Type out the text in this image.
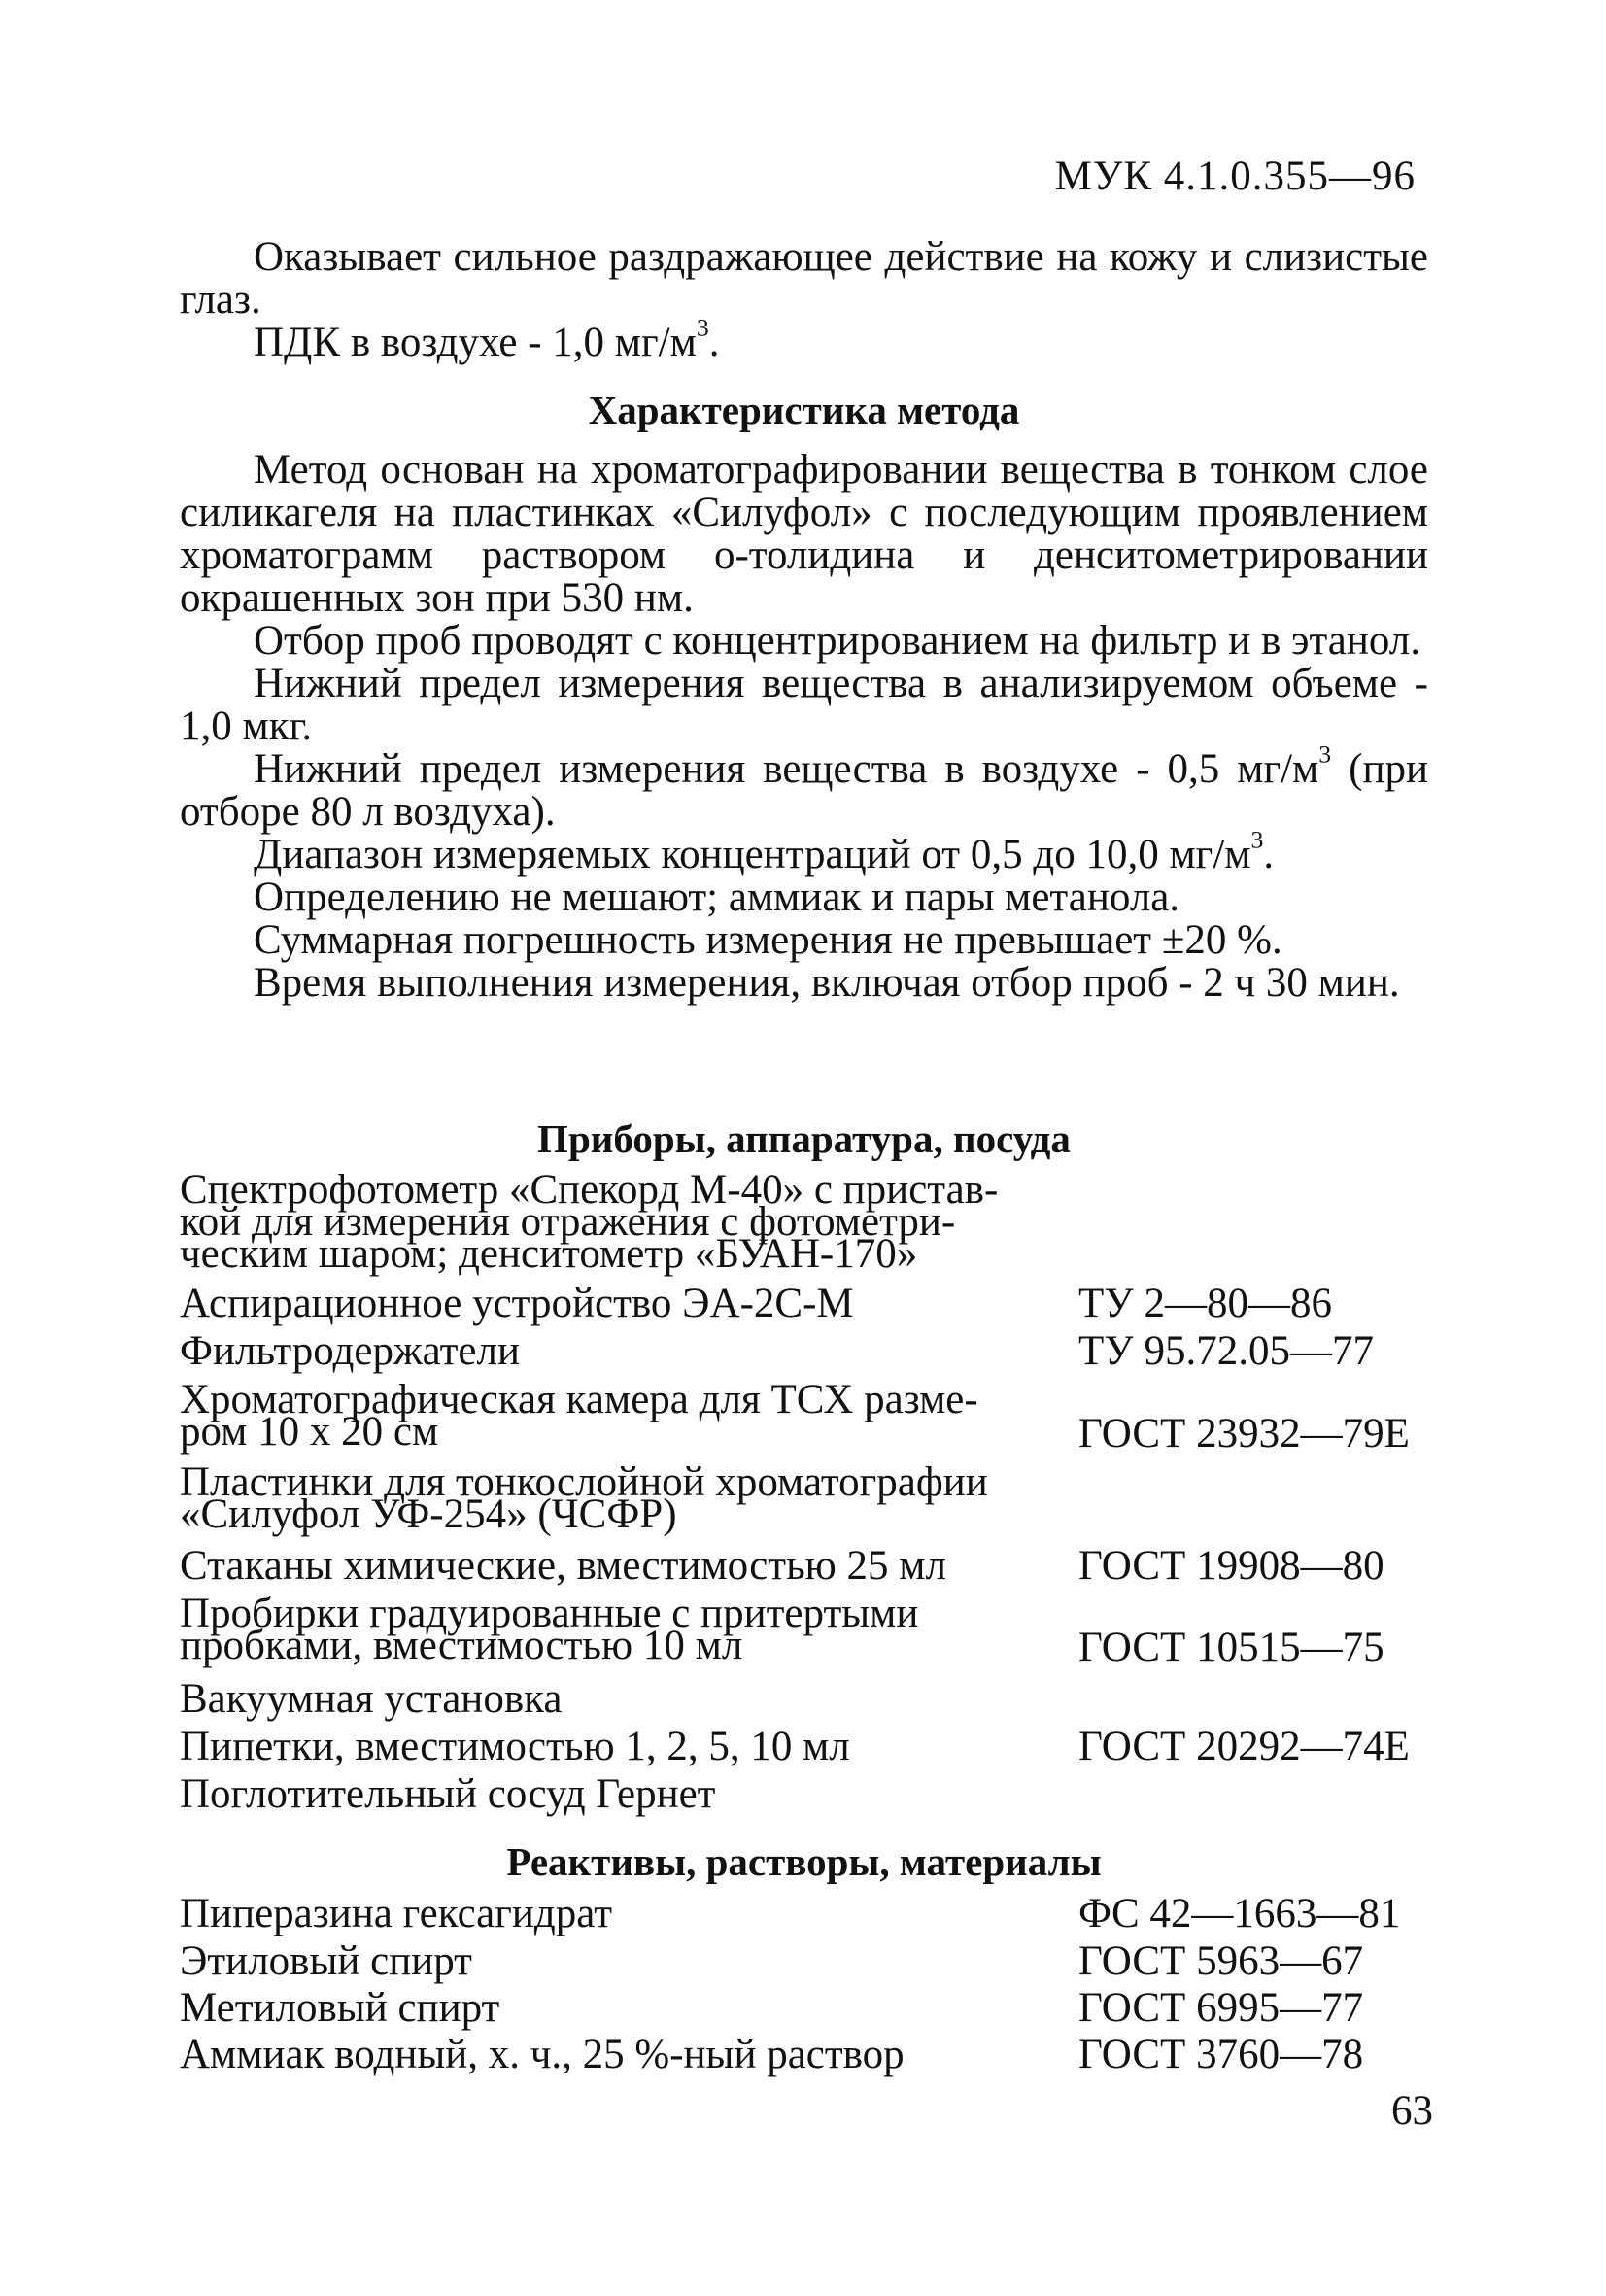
МУК 4.1.0.355—96

Оказывает сильное раздражающее действие на кожу и слизистые глаз.

ПДК в воздухе - 1,0 $мг/м^3$.

Характеристика метода

Метод основан на хроматографировании вещества в тонком слое силикагеля на пластинках «Силуфол» с последующим проявлением хроматограмм раствором о-толидина и денситометрировании окрашенных зон при 530 нм.

Отбор проб проводят с концентрированием на фильтр и в этанол.

Нижний предел измерения вещества в анализируемом объеме - 1,0 мкг.

Нижний предел измерения вещества в воздухе - 0,5 $мг/м^3$ (при отборе 80 л воздуха).

Диапазон измеряемых концентраций от 0,5 до 10,0 $мг/м^3$.

Определению не мешают; аммиак и пары метанола.

Суммарная погрешность измерения не превышает ±20 %.

Время выполнения измерения, включая отбор проб - 2 ч 30 мин.

Приборы, аппаратура, посуда
Спектрофотометр «Спекорд М-40» с пристав-
кой для измерения отражения с фотометри-
ческим шаром; денситометр «БУАН-170»
Аспирационное устройство ЭА-2С-М	ТУ 2—80—86
Фильтродержатели	ТУ 95.72.05—77
Хроматографическая камера для ТСХ разме-
ром 10 х 20 см	ГОСТ 23932—79Е
Пластинки для тонкослойной хроматографии
«Силуфол УФ-254» (ЧСФР)
Стаканы химические, вместимостью 25 мл	ГОСТ 19908—80
Пробирки градуированные с притертыми
пробками, вместимостью 10 мл	ГОСТ 10515—75
Вакуумная установка
Пипетки, вместимостью 1, 2, 5, 10 мл	ГОСТ 20292—74Е
Поглотительный сосуд Гернет
Реактивы, растворы, материалы
Пиперазина гексагидрат	ФС 42—1663—81
Этиловый спирт	ГОСТ 5963—67
Метиловый спирт	ГОСТ 6995—77
Аммиак водный, х. ч., 25 %-ный раствор	ГОСТ 3760—78
63
